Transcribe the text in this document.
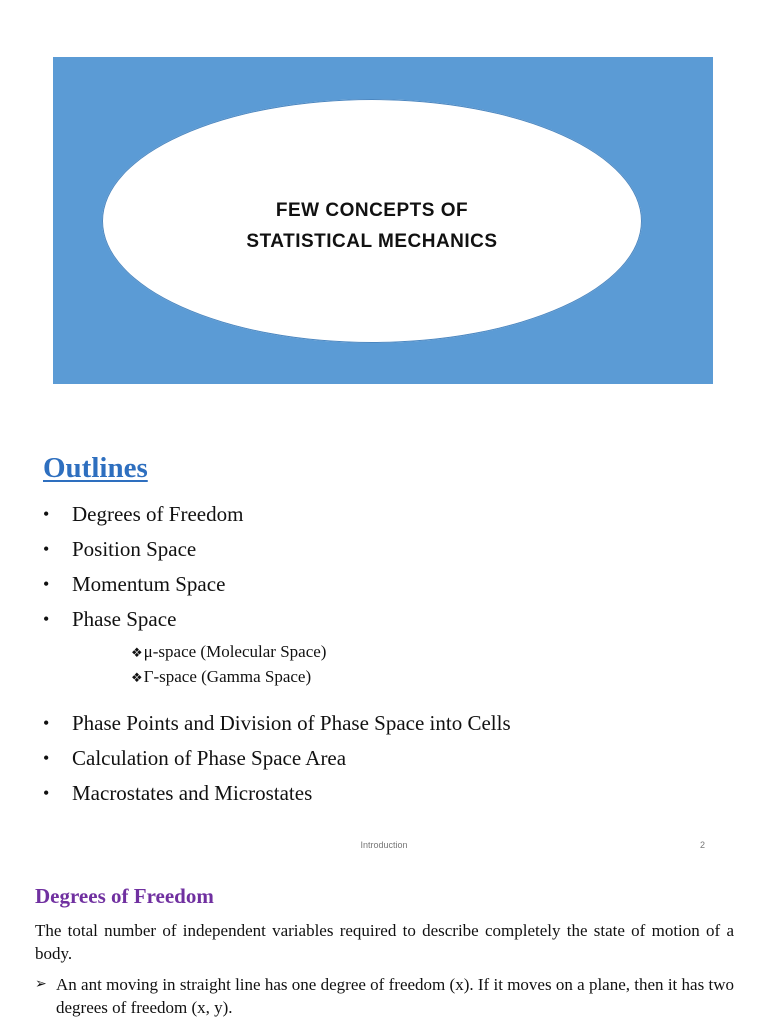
FEW CONCEPTS OF
STATISTICAL MECHANICS
Outlines
• Degrees of Freedom
• Position Space
• Momentum Space
• Phase Space
❖μ-space (Molecular Space)
❖Γ-space (Gamma Space)
• Phase Points and Division of Phase Space into Cells
• Calculation of Phase Space Area
• Macrostates and Microstates
Introduction	2
Degrees of Freedom

The total number of independent variables required to describe completely the state of motion of a body.

➢ An ant moving in straight line has one degree of freedom (x). If it moves on a plane, then it has two degrees of freedom (x, y).
